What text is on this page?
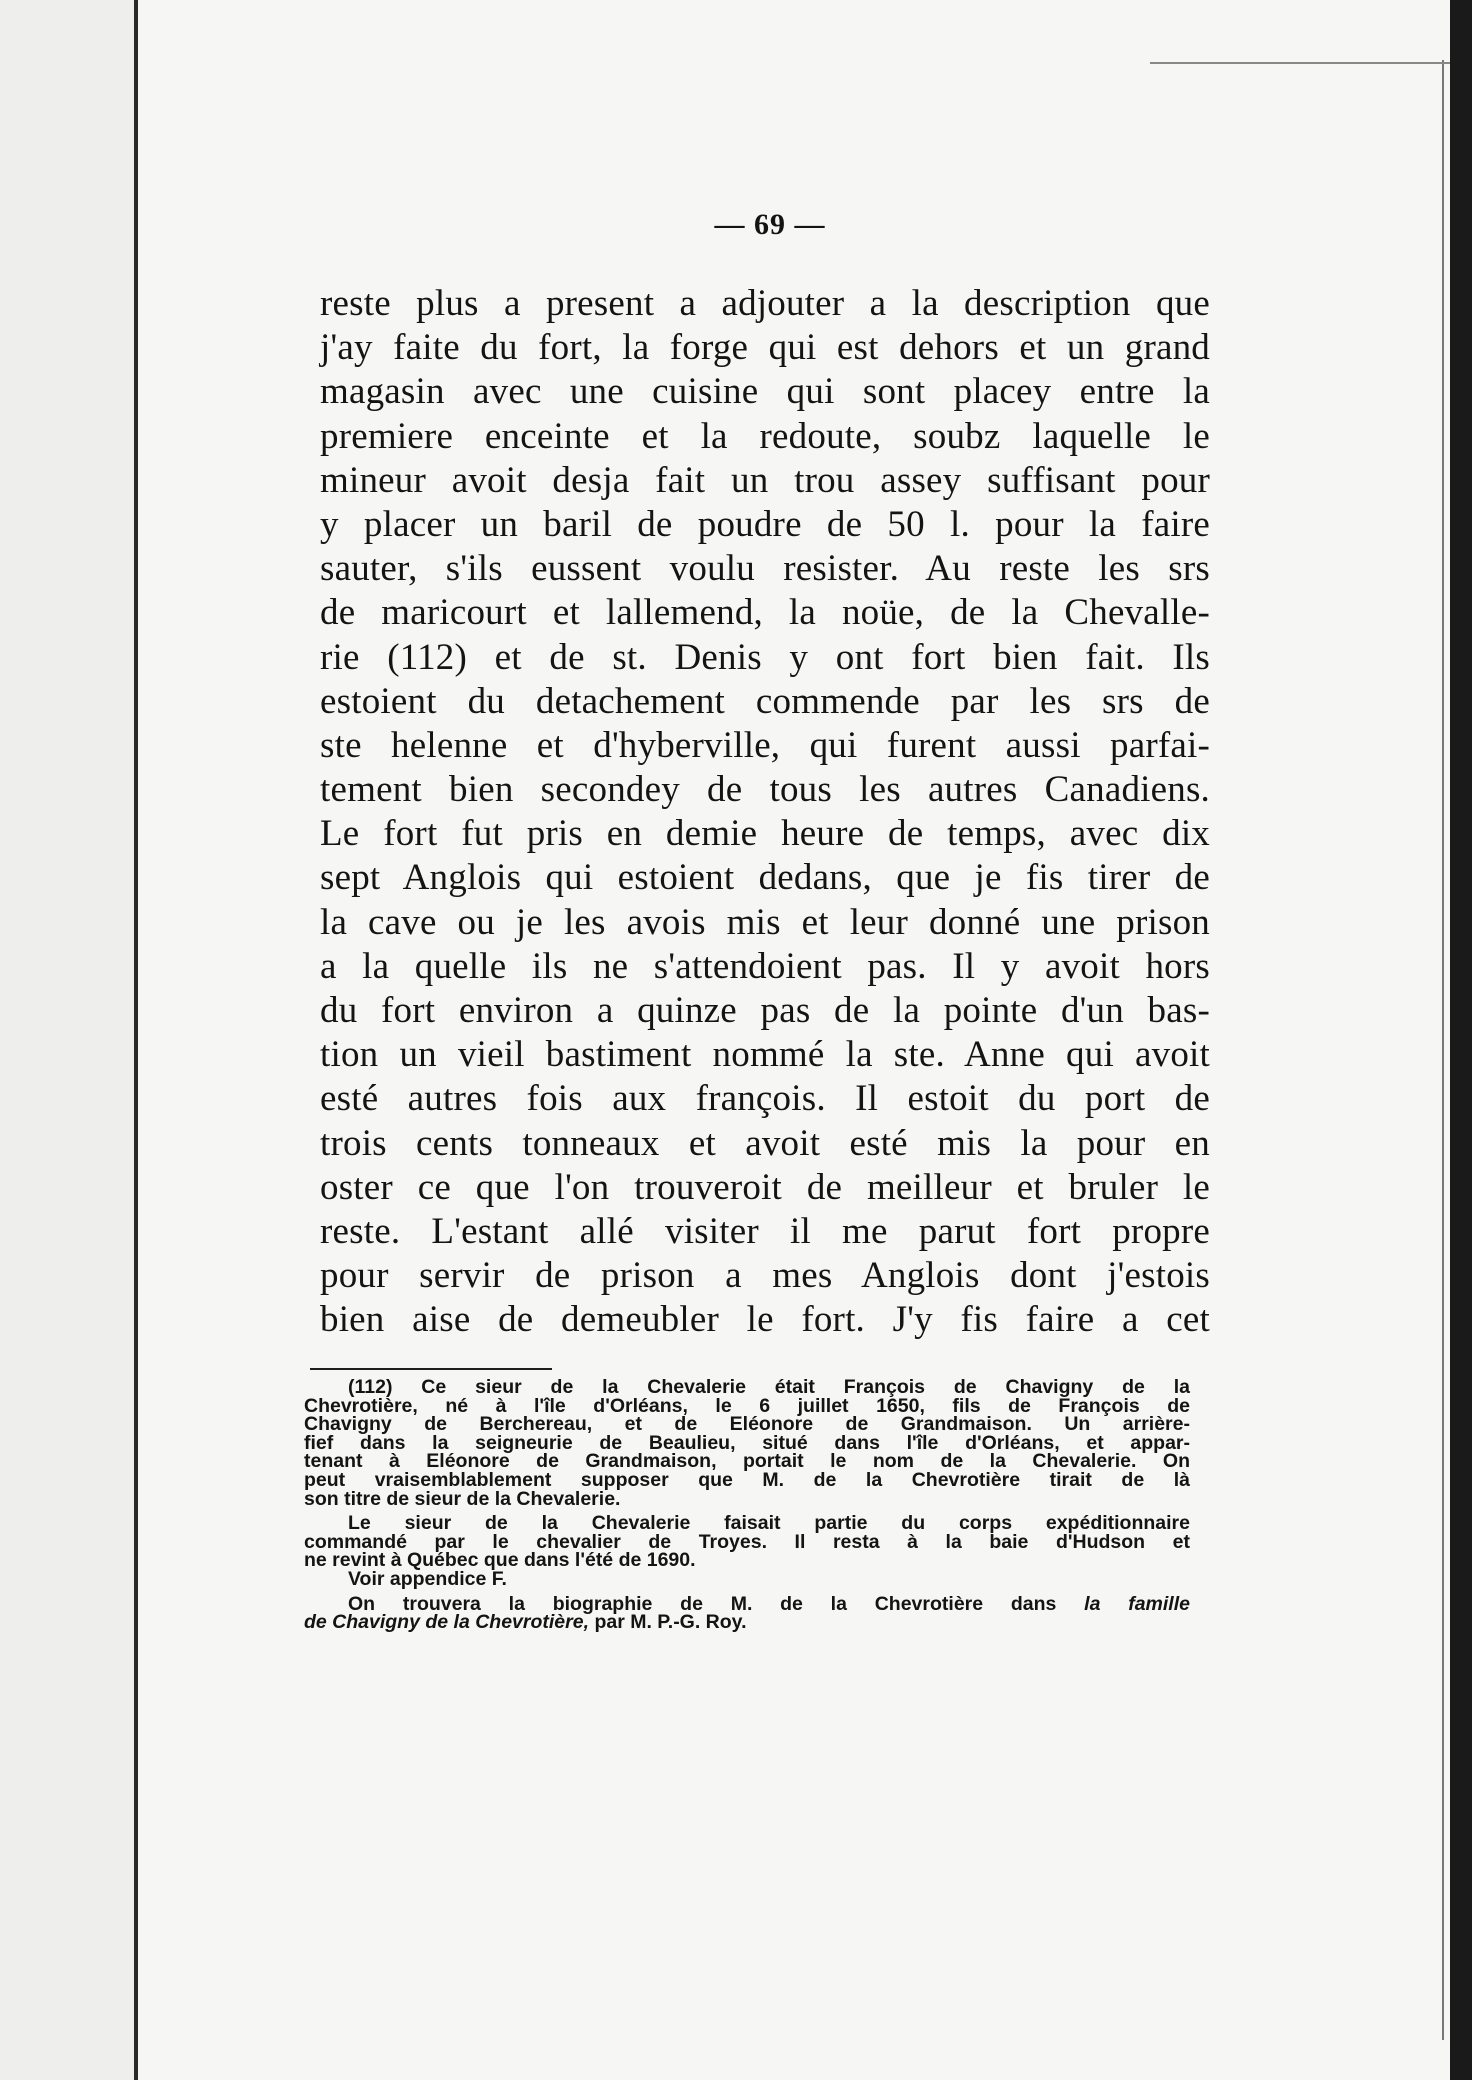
— 69 —
reste plus a present a adjouter a la description que
j'ay faite du fort, la forge qui est dehors et un grand
magasin avec une cuisine qui sont placey entre la
premiere enceinte et la redoute, soubz laquelle le
mineur avoit desja fait un trou assey suffisant pour
y placer un baril de poudre de 50 l. pour la faire
sauter, s'ils eussent voulu resister. Au reste les srs
de maricourt et lallemend, la noüe, de la Chevalle-
rie (112) et de st. Denis y ont fort bien fait. Ils
estoient du detachement commende par les srs de
ste helenne et d'hyberville, qui furent aussi parfai-
tement bien secondey de tous les autres Canadiens.
Le fort fut pris en demie heure de temps, avec dix
sept Anglois qui estoient dedans, que je fis tirer de
la cave ou je les avois mis et leur donné une prison
a la quelle ils ne s'attendoient pas. Il y avoit hors
du fort environ a quinze pas de la pointe d'un bas-
tion un vieil bastiment nommé la ste. Anne qui avoit
esté autres fois aux françois. Il estoit du port de
trois cents tonneaux et avoit esté mis la pour en
oster ce que l'on trouveroit de meilleur et bruler le
reste. L'estant allé visiter il me parut fort propre
pour servir de prison a mes Anglois dont j'estois
bien aise de demeubler le fort. J'y fis faire a cet
(112) Ce sieur de la Chevalerie était François de Chavigny de la
Chevrotière, né à l'île d'Orléans, le 6 juillet 1650, fils de François de
Chavigny de Berchereau, et de Eléonore de Grandmaison. Un arrière-
fief dans la seigneurie de Beaulieu, situé dans l'île d'Orléans, et appar-
tenant à Eléonore de Grandmaison, portait le nom de la Chevalerie. On
peut vraisemblablement supposer que M. de la Chevrotière tirait de là
son titre de sieur de la Chevalerie.
Le sieur de la Chevalerie faisait partie du corps expéditionnaire
commandé par le chevalier de Troyes. Il resta à la baie d'Hudson et
ne revint à Québec que dans l'été de 1690.
Voir appendice F.
On trouvera la biographie de M. de la Chevrotière dans la famille
de Chavigny de la Chevrotière, par M. P.-G. Roy.
